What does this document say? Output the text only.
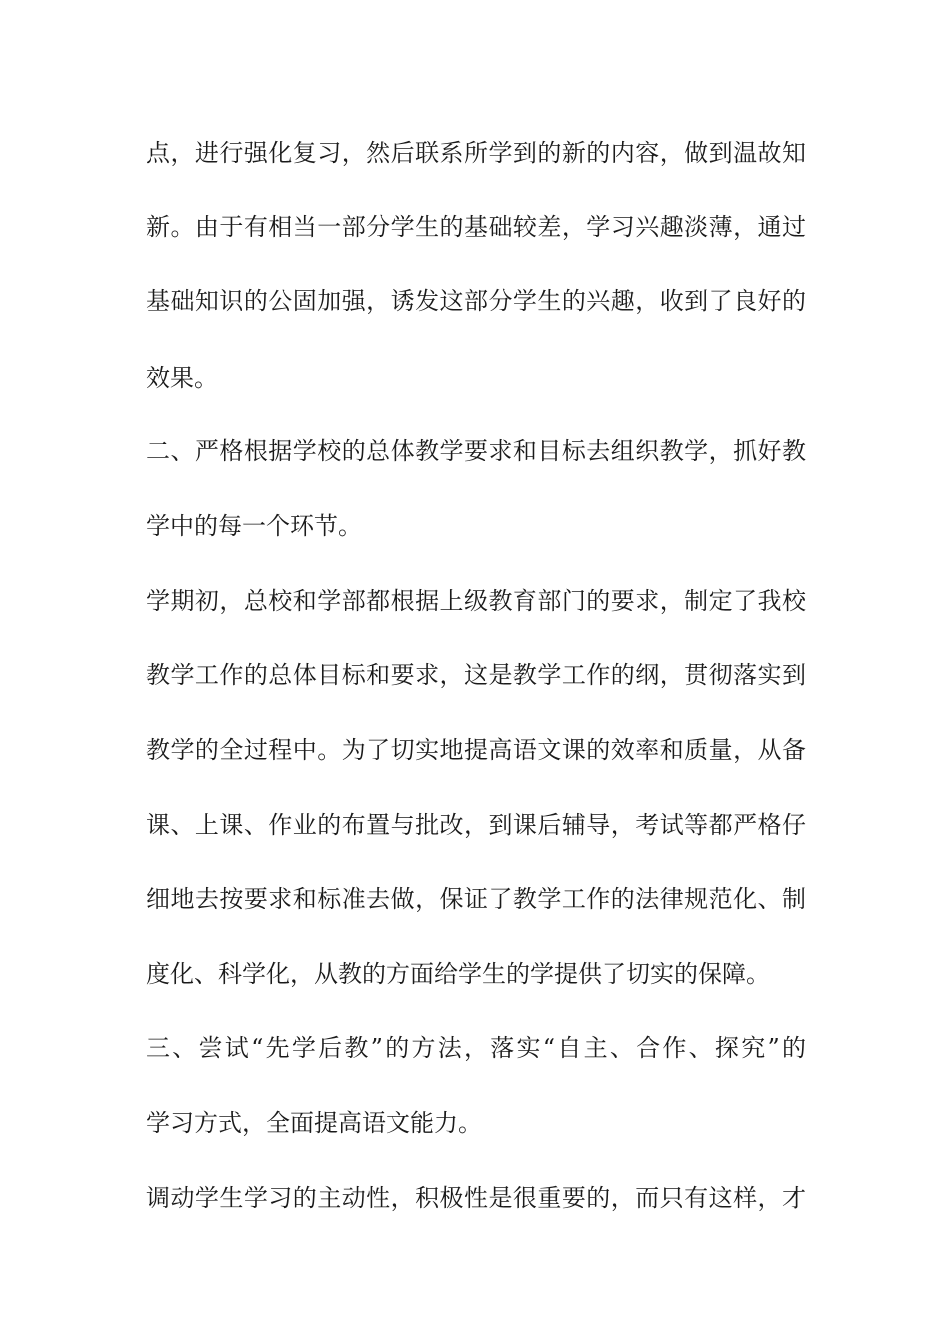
点，进行强化复习，然后联系所学到的新的内容，做到温故知

新。由于有相当一部分学生的基础较差，学习兴趣淡薄，通过

基础知识的公固加强，诱发这部分学生的兴趣，收到了良好的

效果。

二、严格根据学校的总体教学要求和目标去组织教学，抓好教

学中的每一个环节。

学期初，总校和学部都根据上级教育部门的要求，制定了我校

教学工作的总体目标和要求，这是教学工作的纲，贯彻落实到

教学的全过程中。为了切实地提高语文课的效率和质量，从备

课、上课、作业的布置与批改，到课后辅导，考试等都严格仔

细地去按要求和标准去做，保证了教学工作的法律规范化、制

度化、科学化，从教的方面给学生的学提供了切实的保障。

三、尝试“先学后教”的方法，落实“自主、合作、探究”的

学习方式，全面提高语文能力。

调动学生学习的主动性，积极性是很重要的，而只有这样，才
